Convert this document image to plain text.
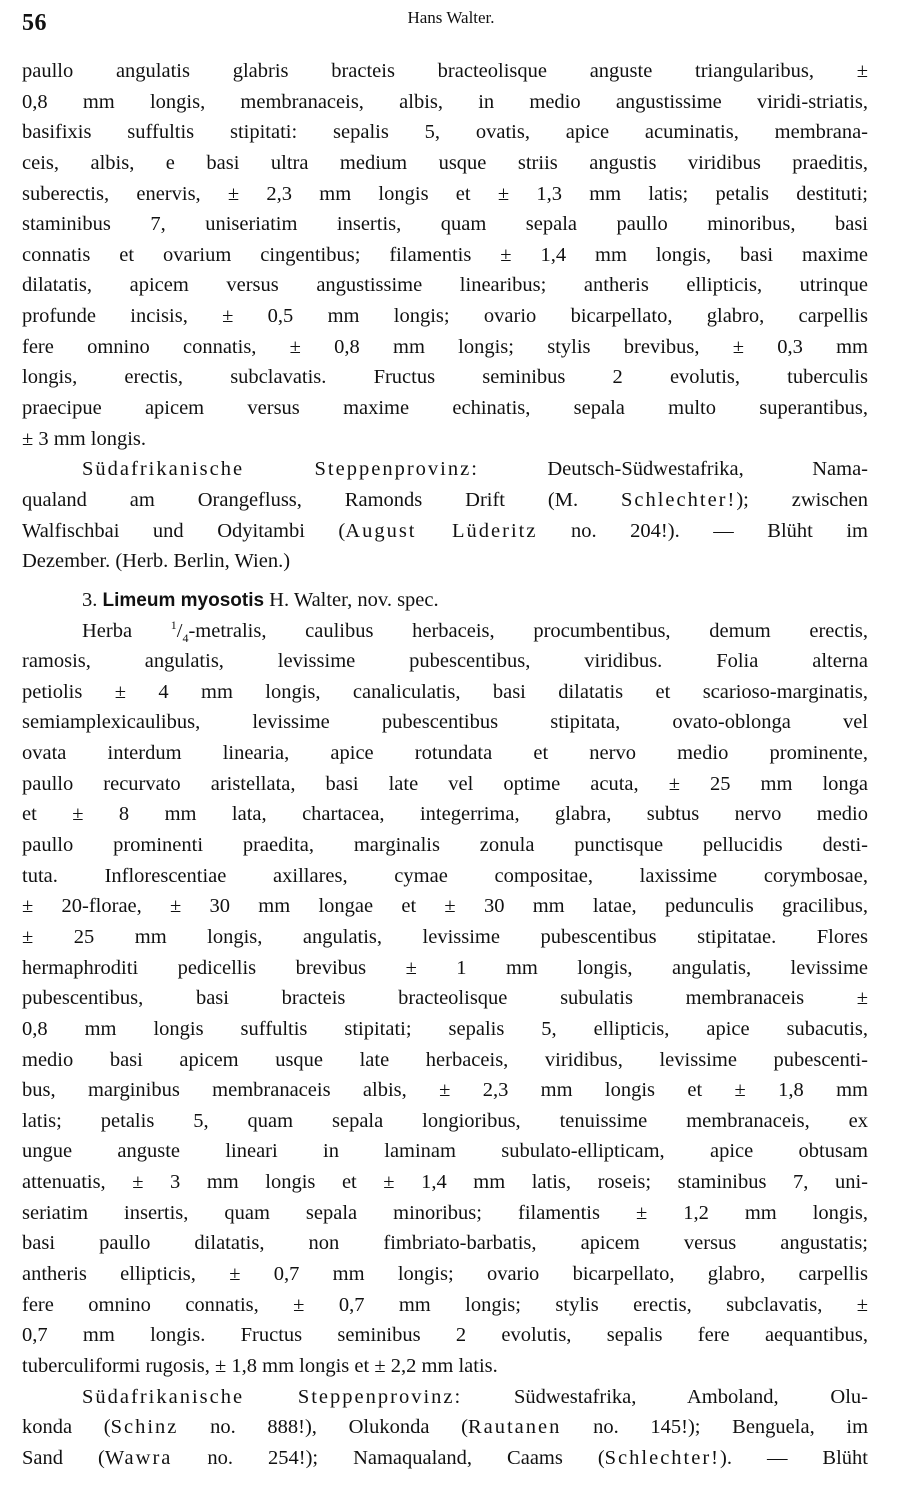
56	Hans Walter.
paullo angulatis glabris bracteis bracteolisque anguste triangularibus, ±
0,8 mm longis, membranaceis, albis, in medio angustissime viridi-striatis,
basifixis suffultis stipitati: sepalis 5, ovatis, apice acuminatis, membrana-
ceis, albis, e basi ultra medium usque striis angustis viridibus praeditis,
suberectis, enervis, ± 2,3 mm longis et ± 1,3 mm latis; petalis destituti;
staminibus 7, uniseriatim insertis, quam sepala paullo minoribus, basi
connatis et ovarium cingentibus; filamentis ± 1,4 mm longis, basi maxime
dilatatis, apicem versus angustissime linearibus; antheris ellipticis, utrinque
profunde incisis, ± 0,5 mm longis; ovario bicarpellato, glabro, carpellis
fere omnino connatis, ± 0,8 mm longis; stylis brevibus, ± 0,3 mm
longis, erectis, subclavatis. Fructus seminibus 2 evolutis, tuberculis
praecipue apicem versus maxime echinatis, sepala multo superantibus,
± 3 mm longis.
Südafrikanische Steppenprovinz:	Deutsch-Südwestafrika, Nama-
qualand am Orangefluss, Ramonds Drift (M. Schlechter!); zwischen
Walfischbai und Odyitambi (August Lüderitz no. 204!). — Blüht im
Dezember. (Herb. Berlin, Wien.)
3. Limeum myosotis H. Walter, nov. spec.
Herba	$^1/_4$-metralis, caulibus herbaceis, procumbentibus, demum erectis,
ramosis, angulatis, levissime pubescentibus, viridibus. Folia alterna
petiolis ± 4 mm longis, canaliculatis, basi dilatatis et scarioso-marginatis,
semiamplexicaulibus, levissime pubescentibus stipitata, ovato-oblonga vel
ovata interdum linearia, apice rotundata et nervo medio prominente,
paullo recurvato aristellata, basi late vel optime acuta, ± 25 mm longa
et ± 8 mm lata, chartacea, integerrima, glabra, subtus nervo medio
paullo prominenti praedita, marginalis zonula punctisque pellucidis desti-
tuta. Inflorescentiae axillares, cymae compositae, laxissime corymbosae,
± 20-florae, ± 30 mm longae et ± 30 mm latae, pedunculis gracilibus,
± 25 mm longis, angulatis, levissime pubescentibus stipitatae. Flores
hermaphroditi pedicellis brevibus ± 1 mm longis, angulatis, levissime
pubescentibus, basi bracteis bracteolisque subulatis membranaceis ±
0,8 mm longis suffultis stipitati; sepalis 5, ellipticis, apice subacutis,
medio basi apicem usque late herbaceis, viridibus, levissime pubescenti-
bus, marginibus membranaceis albis, ± 2,3 mm longis et ± 1,8 mm
latis; petalis 5, quam sepala longioribus, tenuissime membranaceis, ex
ungue anguste lineari in laminam subulato-ellipticam, apice obtusam
attenuatis, ± 3 mm longis et ± 1,4 mm latis, roseis; staminibus 7, uni-
seriatim insertis, quam sepala minoribus; filamentis ± 1,2 mm longis,
basi paullo dilatatis, non fimbriato-barbatis, apicem versus angustatis;
antheris ellipticis, ± 0,7 mm longis; ovario bicarpellato, glabro, carpellis
fere omnino connatis, ± 0,7 mm longis; stylis erectis, subclavatis, ±
0,7 mm longis. Fructus seminibus 2 evolutis, sepalis fere aequantibus,
tuberculiformi rugosis, ± 1,8 mm longis et ± 2,2 mm latis.
Südafrikanische Steppenprovinz:	Südwestafrika, Amboland, Olu-
konda (Schinz no. 888!), Olukonda (Rautanen no. 145!); Benguela, im
Sand (Wawra no. 254!); Namaqualand, Caams (Schlechter!). — Blüht
